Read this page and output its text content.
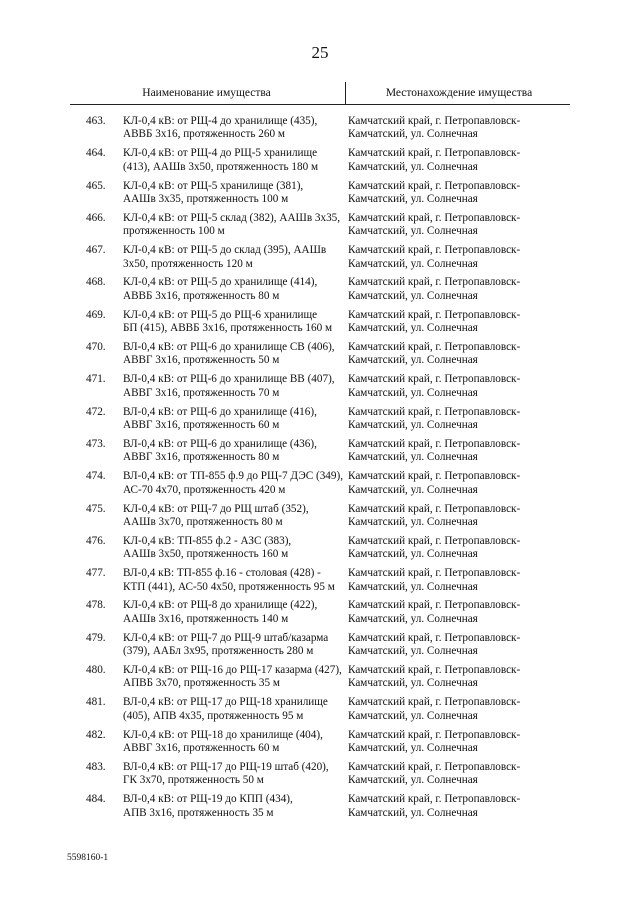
25
Наименование имущества	Местонахождение имущества
463. КЛ-0,4 кВ: от РЩ-4 до хранилище (435),
АВВБ 3х16, протяженность 260 м
Камчатский край, г. Петропавловск-
Камчатский, ул. Солнечная
464. КЛ-0,4 кВ: от РЩ-4 до РЩ-5 хранилище
(413), ААШв 3х50, протяженность 180 м
Камчатский край, г. Петропавловск-
Камчатский, ул. Солнечная
465. КЛ-0,4 кВ: от РЩ-5 хранилище (381),
ААШв 3х35, протяженность 100 м
Камчатский край, г. Петропавловск-
Камчатский, ул. Солнечная
466. КЛ-0,4 кВ: от РЩ-5 склад (382), ААШв 3х35,
протяженность 100 м
Камчатский край, г. Петропавловск-
Камчатский, ул. Солнечная
467. КЛ-0,4 кВ: от РЩ-5 до склад (395), ААШв
3х50, протяженность 120 м
Камчатский край, г. Петропавловск-
Камчатский, ул. Солнечная
468. КЛ-0,4 кВ: от РЩ-5 до хранилище (414),
АВВБ 3х16, протяженность 80 м
Камчатский край, г. Петропавловск-
Камчатский, ул. Солнечная
469. КЛ-0,4 кВ: от РЩ-5 до РЩ-6 хранилище
БП (415), АВВБ 3х16, протяженность 160 м
Камчатский край, г. Петропавловск-
Камчатский, ул. Солнечная
470. ВЛ-0,4 кВ: от РЩ-6 до хранилище СВ (406),
АВВГ 3х16, протяженность 50 м
Камчатский край, г. Петропавловск-
Камчатский, ул. Солнечная
471. ВЛ-0,4 кВ: от РЩ-6 до хранилище ВВ (407),
АВВГ 3х16, протяженность 70 м
Камчатский край, г. Петропавловск-
Камчатский, ул. Солнечная
472. ВЛ-0,4 кВ: от РЩ-6 до хранилище (416),
АВВГ 3х16, протяженность 60 м
Камчатский край, г. Петропавловск-
Камчатский, ул. Солнечная
473. ВЛ-0,4 кВ: от РЩ-6 до хранилище (436),
АВВГ 3х16, протяженность 80 м
Камчатский край, г. Петропавловск-
Камчатский, ул. Солнечная
474. ВЛ-0,4 кВ: от ТП-855 ф.9 до РЩ-7 ДЭС (349),
АС-70 4х70, протяженность 420 м
Камчатский край, г. Петропавловск-
Камчатский, ул. Солнечная
475. КЛ-0,4 кВ: от РЩ-7 до РЩ штаб (352),
ААШв 3х70, протяженность 80 м
Камчатский край, г. Петропавловск-
Камчатский, ул. Солнечная
476. КЛ-0,4 кВ: ТП-855 ф.2 - АЗС (383),
ААШв 3х50, протяженность 160 м
Камчатский край, г. Петропавловск-
Камчатский, ул. Солнечная
477. ВЛ-0,4 кВ: ТП-855 ф.16 - столовая (428) -
КТП (441), АС-50 4х50, протяженность 95 м
Камчатский край, г. Петропавловск-
Камчатский, ул. Солнечная
478. КЛ-0,4 кВ: от РЩ-8 до хранилище (422),
ААШв 3х16, протяженность 140 м
Камчатский край, г. Петропавловск-
Камчатский, ул. Солнечная
479. КЛ-0,4 кВ: от РЩ-7 до РЩ-9 штаб/казарма
(379), ААБл 3х95, протяженность 280 м
Камчатский край, г. Петропавловск-
Камчатский, ул. Солнечная
480. КЛ-0,4 кВ: от РЩ-16 до РЩ-17 казарма (427),
АПВБ 3х70, протяженность 35 м
Камчатский край, г. Петропавловск-
Камчатский, ул. Солнечная
481. ВЛ-0,4 кВ: от РЩ-17 до РЩ-18 хранилище
(405), АПВ 4х35, протяженность 95 м
Камчатский край, г. Петропавловск-
Камчатский, ул. Солнечная
482. КЛ-0,4 кВ: от РЩ-18 до хранилище (404),
АВВГ 3х16, протяженность 60 м
Камчатский край, г. Петропавловск-
Камчатский, ул. Солнечная
483. ВЛ-0,4 кВ: от РЩ-17 до РЩ-19 штаб (420),
ГК 3х70, протяженность 50 м
Камчатский край, г. Петропавловск-
Камчатский, ул. Солнечная
484. ВЛ-0,4 кВ: от РЩ-19 до КПП (434),
АПВ 3х16, протяженность 35 м
Камчатский край, г. Петропавловск-
Камчатский, ул. Солнечная
5598160-1
